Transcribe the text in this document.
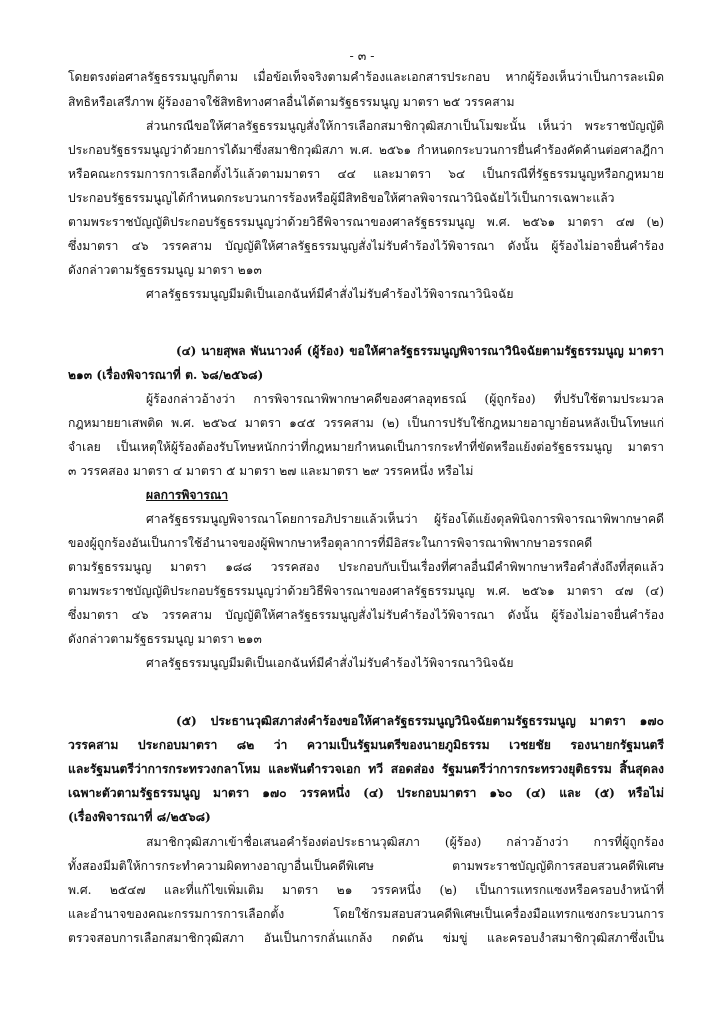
- ๓ -
โดยตรงต่อศาลรัฐธรรมนูญก็ตาม เมื่อข้อเท็จจริงตามคำร้องและเอกสารประกอบ หากผู้ร้องเห็นว่าเป็นการละเมิด
สิทธิหรือเสรีภาพ ผู้ร้องอาจใช้สิทธิทางศาลอื่นได้ตามรัฐธรรมนูญ มาตรา ๒๕ วรรคสาม
ส่วนกรณีขอให้ศาลรัฐธรรมนูญสั่งให้การเลือกสมาชิกวุฒิสภาเป็นโมฆะนั้น เห็นว่า พระราชบัญญัติ
ประกอบรัฐธรรมนูญว่าด้วยการได้มาซึ่งสมาชิกวุฒิสภา พ.ศ. ๒๕๖๑ กำหนดกระบวนการยื่นคำร้องคัดค้านต่อศาลฎีกา
หรือคณะกรรมการการเลือกตั้งไว้แล้วตามมาตรา ๔๔ และมาตรา ๖๔ เป็นกรณีที่รัฐธรรมนูญหรือกฎหมาย
ประกอบรัฐธรรมนูญได้กำหนดกระบวนการร้องหรือผู้มีสิทธิขอให้ศาลพิจารณาวินิจฉัยไว้เป็นการเฉพาะแล้ว
ตามพระราชบัญญัติประกอบรัฐธรรมนูญว่าด้วยวิธีพิจารณาของศาลรัฐธรรมนูญ พ.ศ. ๒๕๖๑ มาตรา ๔๗ (๒)
ซึ่งมาตรา ๔๖ วรรคสาม บัญญัติให้ศาลรัฐธรรมนูญสั่งไม่รับคำร้องไว้พิจารณา ดังนั้น ผู้ร้องไม่อาจยื่นคำร้อง
ดังกล่าวตามรัฐธรรมนูญ มาตรา ๒๑๓
ศาลรัฐธรรมนูญมีมติเป็นเอกฉันท์มีคำสั่งไม่รับคำร้องไว้พิจารณาวินิจฉัย
(๔) นายสุพล พันนาวงค์ (ผู้ร้อง) ขอให้ศาลรัฐธรรมนูญพิจารณาวินิจฉัยตามรัฐธรรมนูญ มาตรา
๒๑๓ (เรื่องพิจารณาที่ ต. ๖๘/๒๕๖๘)
ผู้ร้องกล่าวอ้างว่า การพิจารณาพิพากษาคดีของศาลอุทธรณ์ (ผู้ถูกร้อง) ที่ปรับใช้ตามประมวล
กฎหมายยาเสพติด พ.ศ. ๒๕๖๔ มาตรา ๑๔๕ วรรคสาม (๒) เป็นการปรับใช้กฎหมายอาญาย้อนหลังเป็นโทษแก่
จำเลย เป็นเหตุให้ผู้ร้องต้องรับโทษหนักกว่าที่กฎหมายกำหนดเป็นการกระทำที่ขัดหรือแย้งต่อรัฐธรรมนูญ มาตรา
๓ วรรคสอง มาตรา ๔ มาตรา ๕ มาตรา ๒๗ และมาตรา ๒๙ วรรคหนึ่ง หรือไม่
ผลการพิจารณา
ศาลรัฐธรรมนูญพิจารณาโดยการอภิปรายแล้วเห็นว่า ผู้ร้องโต้แย้งดุลพินิจการพิจารณาพิพากษาคดี
ของผู้ถูกร้องอันเป็นการใช้อำนาจของผู้พิพากษาหรือตุลาการที่มีอิสระในการพิจารณาพิพากษาอรรถคดี
ตามรัฐธรรมนูญ มาตรา ๑๘๘ วรรคสอง ประกอบกับเป็นเรื่องที่ศาลอื่นมีคำพิพากษาหรือคำสั่งถึงที่สุดแล้ว
ตามพระราชบัญญัติประกอบรัฐธรรมนูญว่าด้วยวิธีพิจารณาของศาลรัฐธรรมนูญ พ.ศ. ๒๕๖๑ มาตรา ๔๗ (๔)
ซึ่งมาตรา ๔๖ วรรคสาม บัญญัติให้ศาลรัฐธรรมนูญสั่งไม่รับคำร้องไว้พิจารณา ดังนั้น ผู้ร้องไม่อาจยื่นคำร้อง
ดังกล่าวตามรัฐธรรมนูญ มาตรา ๒๑๓
ศาลรัฐธรรมนูญมีมติเป็นเอกฉันท์มีคำสั่งไม่รับคำร้องไว้พิจารณาวินิจฉัย
(๕) ประธานวุฒิสภาส่งคำร้องขอให้ศาลรัฐธรรมนูญวินิจฉัยตามรัฐธรรมนูญ มาตรา ๑๗๐
วรรคสาม ประกอบมาตรา ๘๒ ว่า ความเป็นรัฐมนตรีของนายภูมิธรรม เวชยชัย รองนายกรัฐมนตรี
และรัฐมนตรีว่าการกระทรวงกลาโหม และพันตำรวจเอก ทวี สอดส่อง รัฐมนตรีว่าการกระทรวงยุติธรรม สิ้นสุดลง
เฉพาะตัวตามรัฐธรรมนูญ มาตรา ๑๗๐ วรรคหนึ่ง (๔) ประกอบมาตรา ๑๖๐ (๔) และ (๕) หรือไม่
(เรื่องพิจารณาที่ ๘/๒๕๖๘)
สมาชิกวุฒิสภาเข้าชื่อเสนอคำร้องต่อประธานวุฒิสภา (ผู้ร้อง) กล่าวอ้างว่า การที่ผู้ถูกร้อง
ทั้งสองมีมติให้การกระทำความผิดทางอาญาอื่นเป็นคดีพิเศษ ตามพระราชบัญญัติการสอบสวนคดีพิเศษ
พ.ศ. ๒๕๔๗ และที่แก้ไขเพิ่มเติม มาตรา ๒๑ วรรคหนึ่ง (๒) เป็นการแทรกแซงหรือครอบงำหน้าที่
และอำนาจของคณะกรรมการการเลือกตั้ง โดยใช้กรมสอบสวนคดีพิเศษเป็นเครื่องมือแทรกแซงกระบวนการ
ตรวจสอบการเลือกสมาชิกวุฒิสภา อันเป็นการกลั่นแกล้ง กดดัน ข่มขู่ และครอบงำสมาชิกวุฒิสภาซึ่งเป็น
